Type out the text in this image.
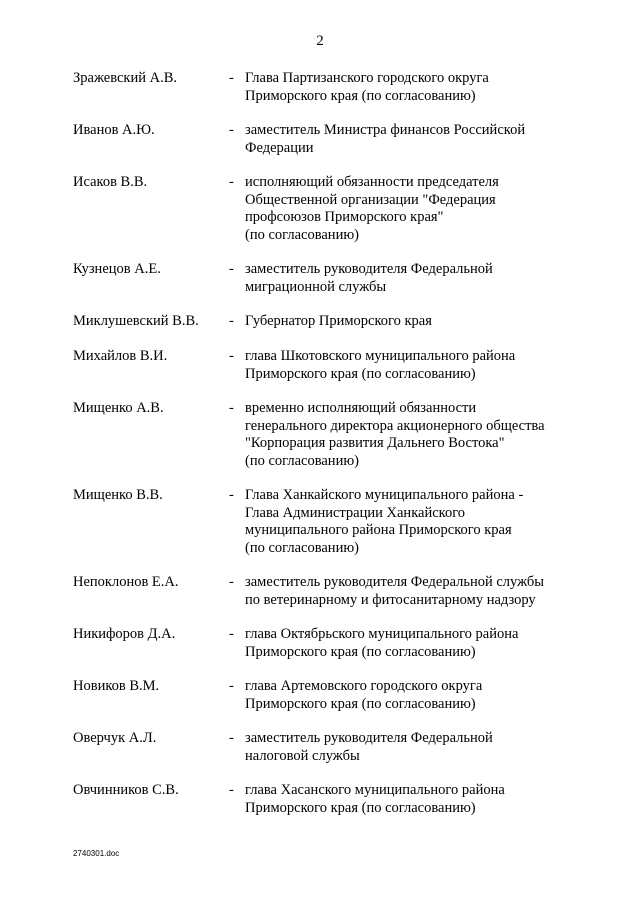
2
Зражевский А.В.	- Глава Партизанского городского округа
Приморского края (по согласованию)
Иванов А.Ю.	- заместитель Министра финансов Российской
Федерации
Исаков В.В.	- исполняющий обязанности председателя
Общественной организации "Федерация
профсоюзов Приморского края"
(по согласованию)
Кузнецов А.Е.	- заместитель руководителя Федеральной
миграционной службы
Миклушевский В.В. - Губернатор Приморского края
Михайлов В.И.	- глава Шкотовского муниципального района
Приморского края (по согласованию)
Мищенко А.В.	- временно исполняющий обязанности
генерального директора акционерного общества
"Корпорация развития Дальнего Востока"
(по согласованию)
Мищенко В.В.	- Глава Ханкайского муниципального района -
Глава Администрации Ханкайского
муниципального района Приморского края
(по согласованию)
Непоклонов Е.А.	- заместитель руководителя Федеральной службы
по ветеринарному и фитосанитарному надзору
Никифоров Д.А.	- глава Октябрьского муниципального района
Приморского края (по согласованию)
Новиков В.М.	- глава Артемовского городского округа
Приморского края (по согласованию)
Оверчук А.Л.	- заместитель руководителя Федеральной
налоговой службы
Овчинников С.В.	- глава Хасанского муниципального района
Приморского края (по согласованию)
2740301.doc
